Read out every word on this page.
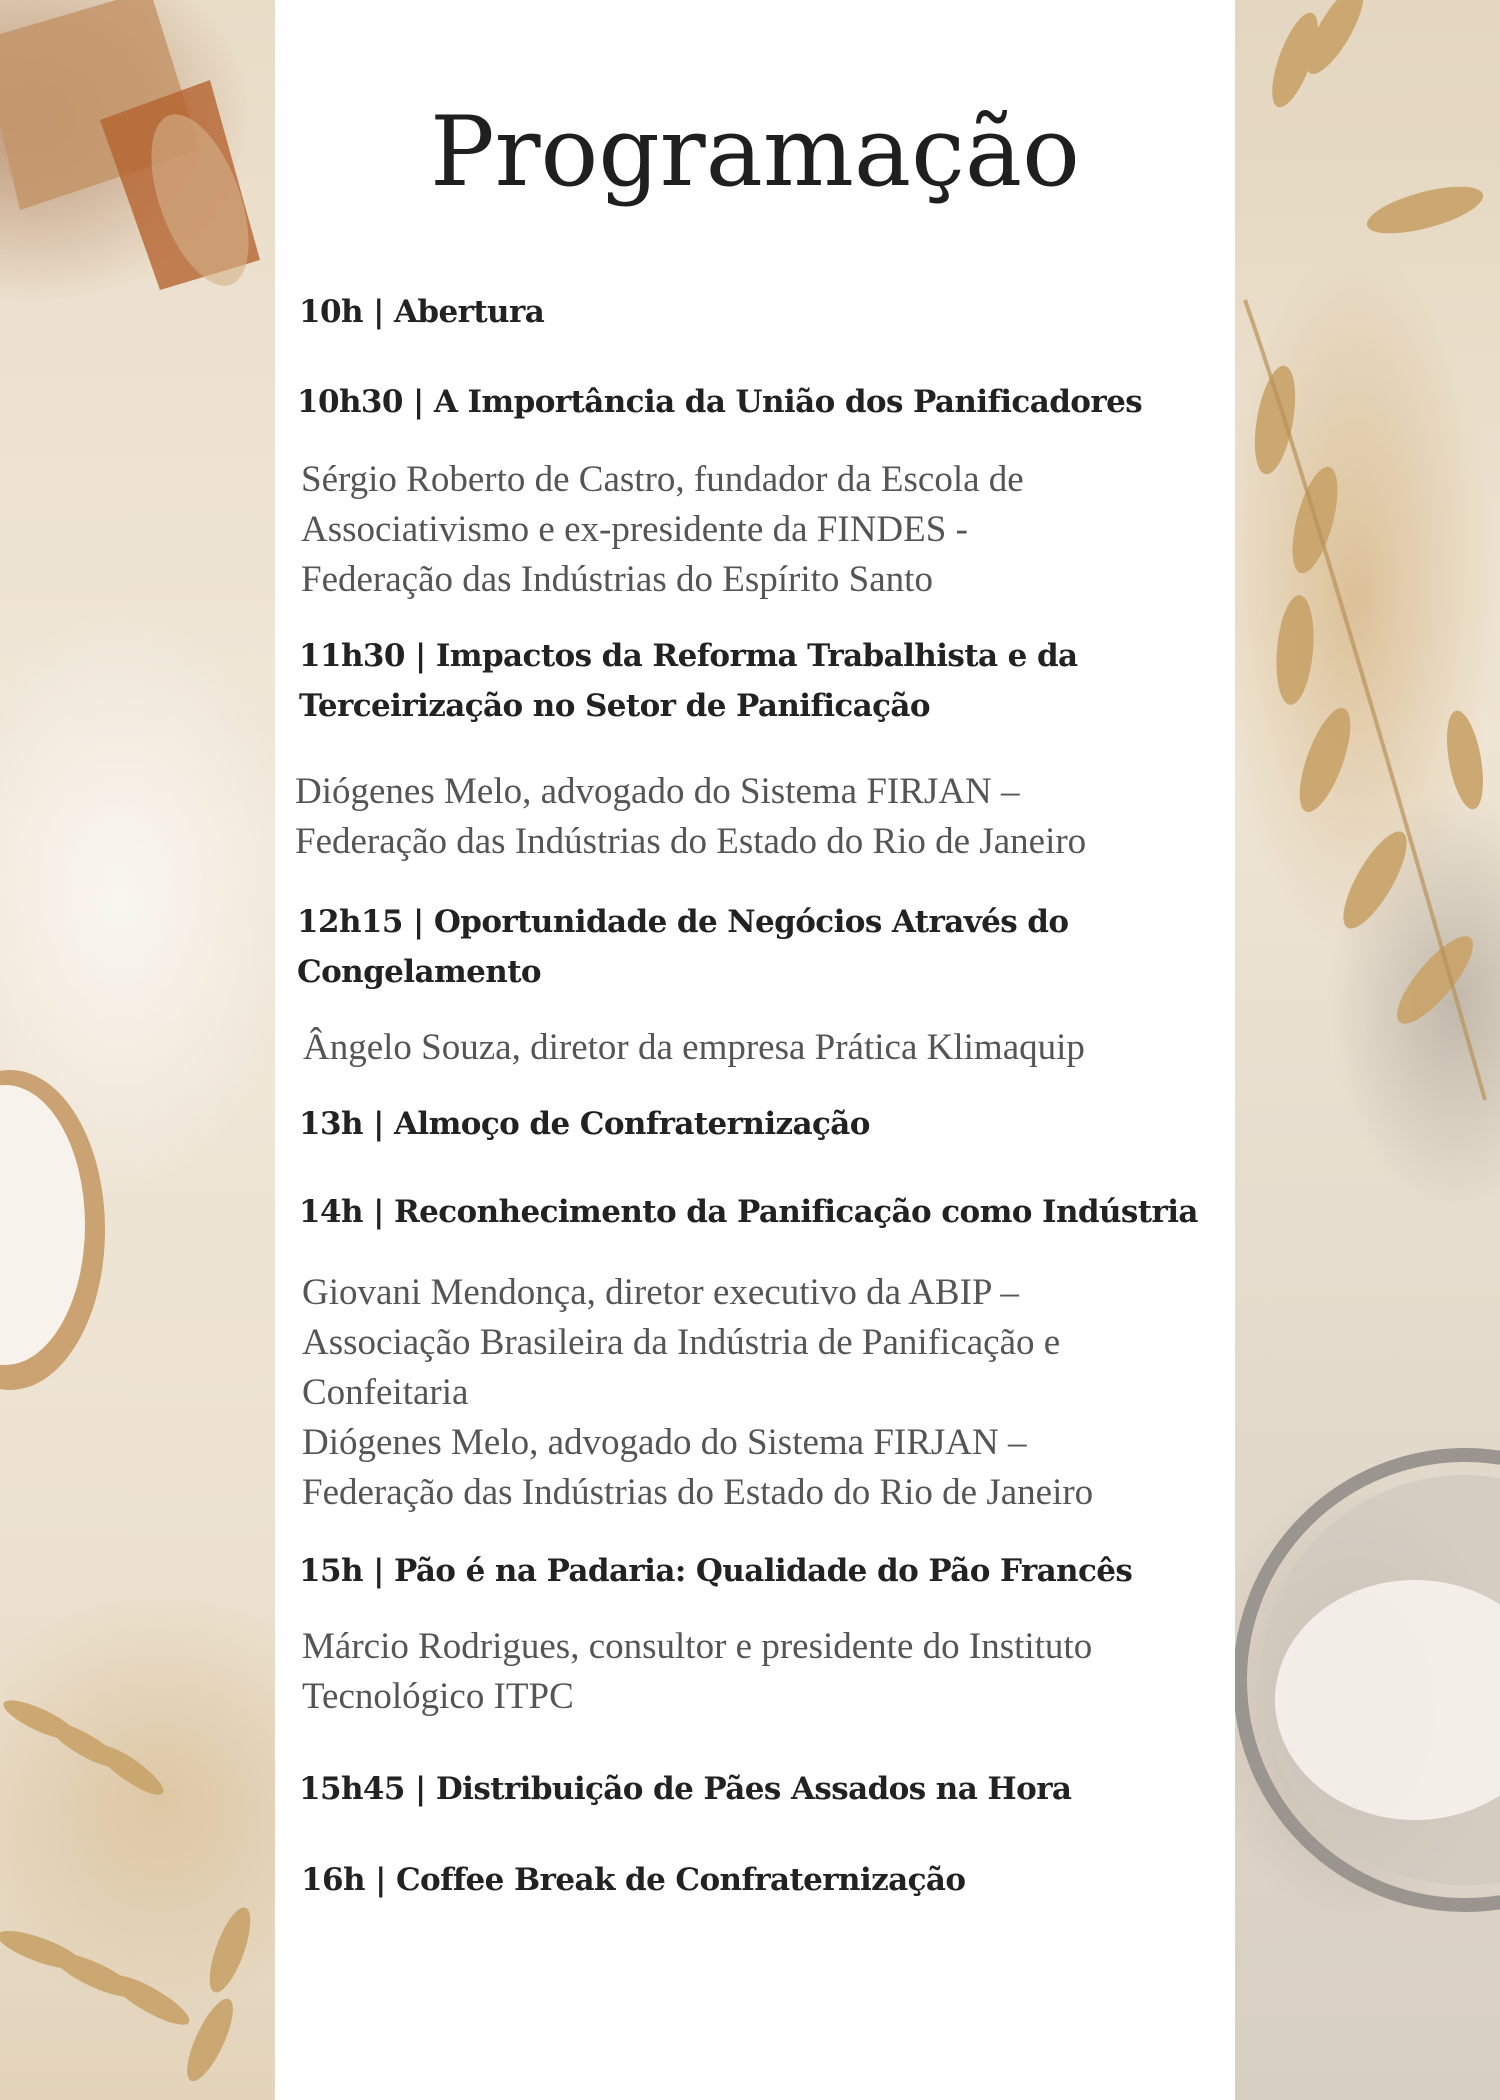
Programação
10h | Abertura
10h30 | A Importância da União dos Panificadores
Sérgio Roberto de Castro, fundador da Escola de
Associativismo e ex-presidente da FINDES -
Federação das Indústrias do Espírito Santo
11h30 | Impactos da Reforma Trabalhista e da
Terceirização no Setor de Panificação
Diógenes Melo, advogado do Sistema FIRJAN –
Federação das Indústrias do Estado do Rio de Janeiro
12h15 | Oportunidade de Negócios Através do
Congelamento
Ângelo Souza, diretor da empresa Prática Klimaquip
13h | Almoço de Confraternização
14h | Reconhecimento da Panificação como Indústria
Giovani Mendonça, diretor executivo da ABIP –
Associação Brasileira da Indústria de Panificação e
Confeitaria
Diógenes Melo, advogado do Sistema FIRJAN –
Federação das Indústrias do Estado do Rio de Janeiro
15h | Pão é na Padaria: Qualidade do Pão Francês
Márcio Rodrigues, consultor e presidente do Instituto
Tecnológico ITPC
15h45 | Distribuição de Pães Assados na Hora
16h | Coffee Break de Confraternização
